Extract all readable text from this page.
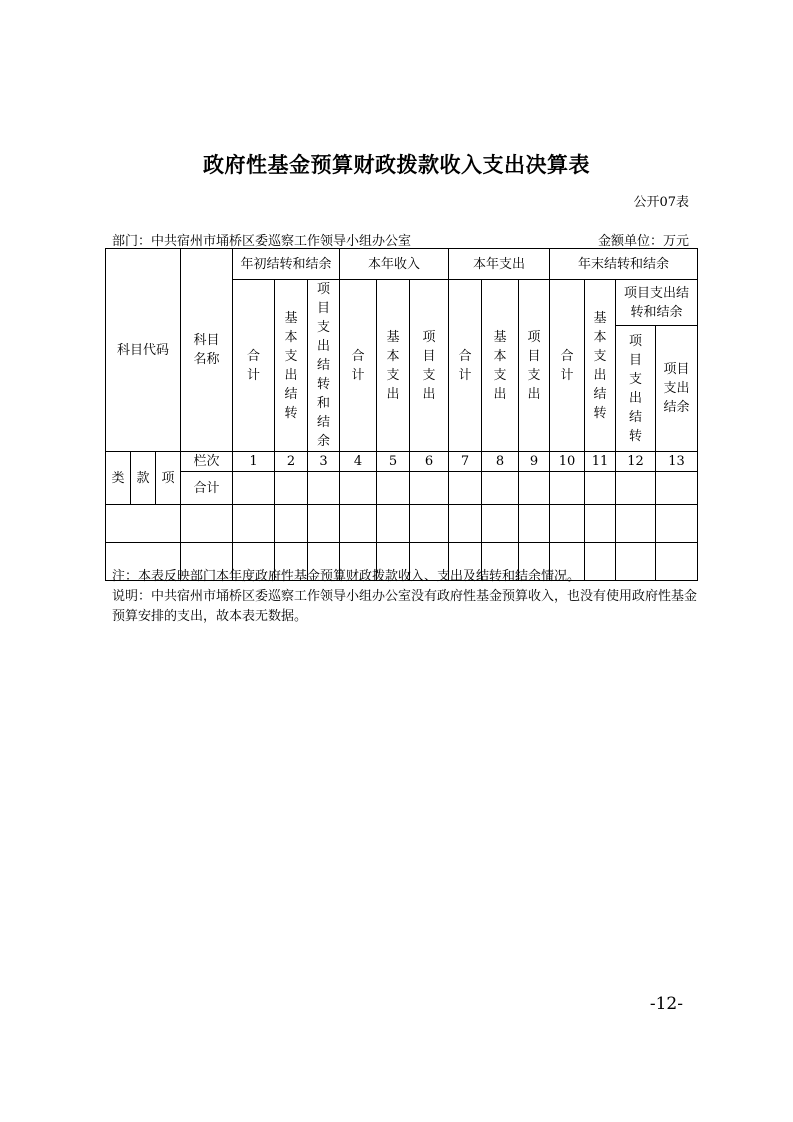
政府性基金预算财政拨款收入支出决算表
公开07表
部门：中共宿州市埇桥区委巡察工作领导小组办公室	金额单位：万元
科目代码			科目名称	年初结转和结余			本年收入			本年支出			年末结转和结余			

				合计	基本支出结转	项目支出结转和结余	合计	基本支出	项目支出	合计	基本支出	项目支出	合计	基本支出结转	项目支出结转和结余	

															项目支出结转	项目支出结余

类	款	项	栏次	1	2	3	4	5	6	7	8	9	10	11	12	13
			合计													

注：本表反映部门本年度政府性基金预算财政拨款收入、支出及结转和结余情况。

说明：中共宿州市埇桥区委巡察工作领导小组办公室没有政府性基金预算收入，也没有使用政府性基金预算安排的支出，故本表无数据。

-12-
